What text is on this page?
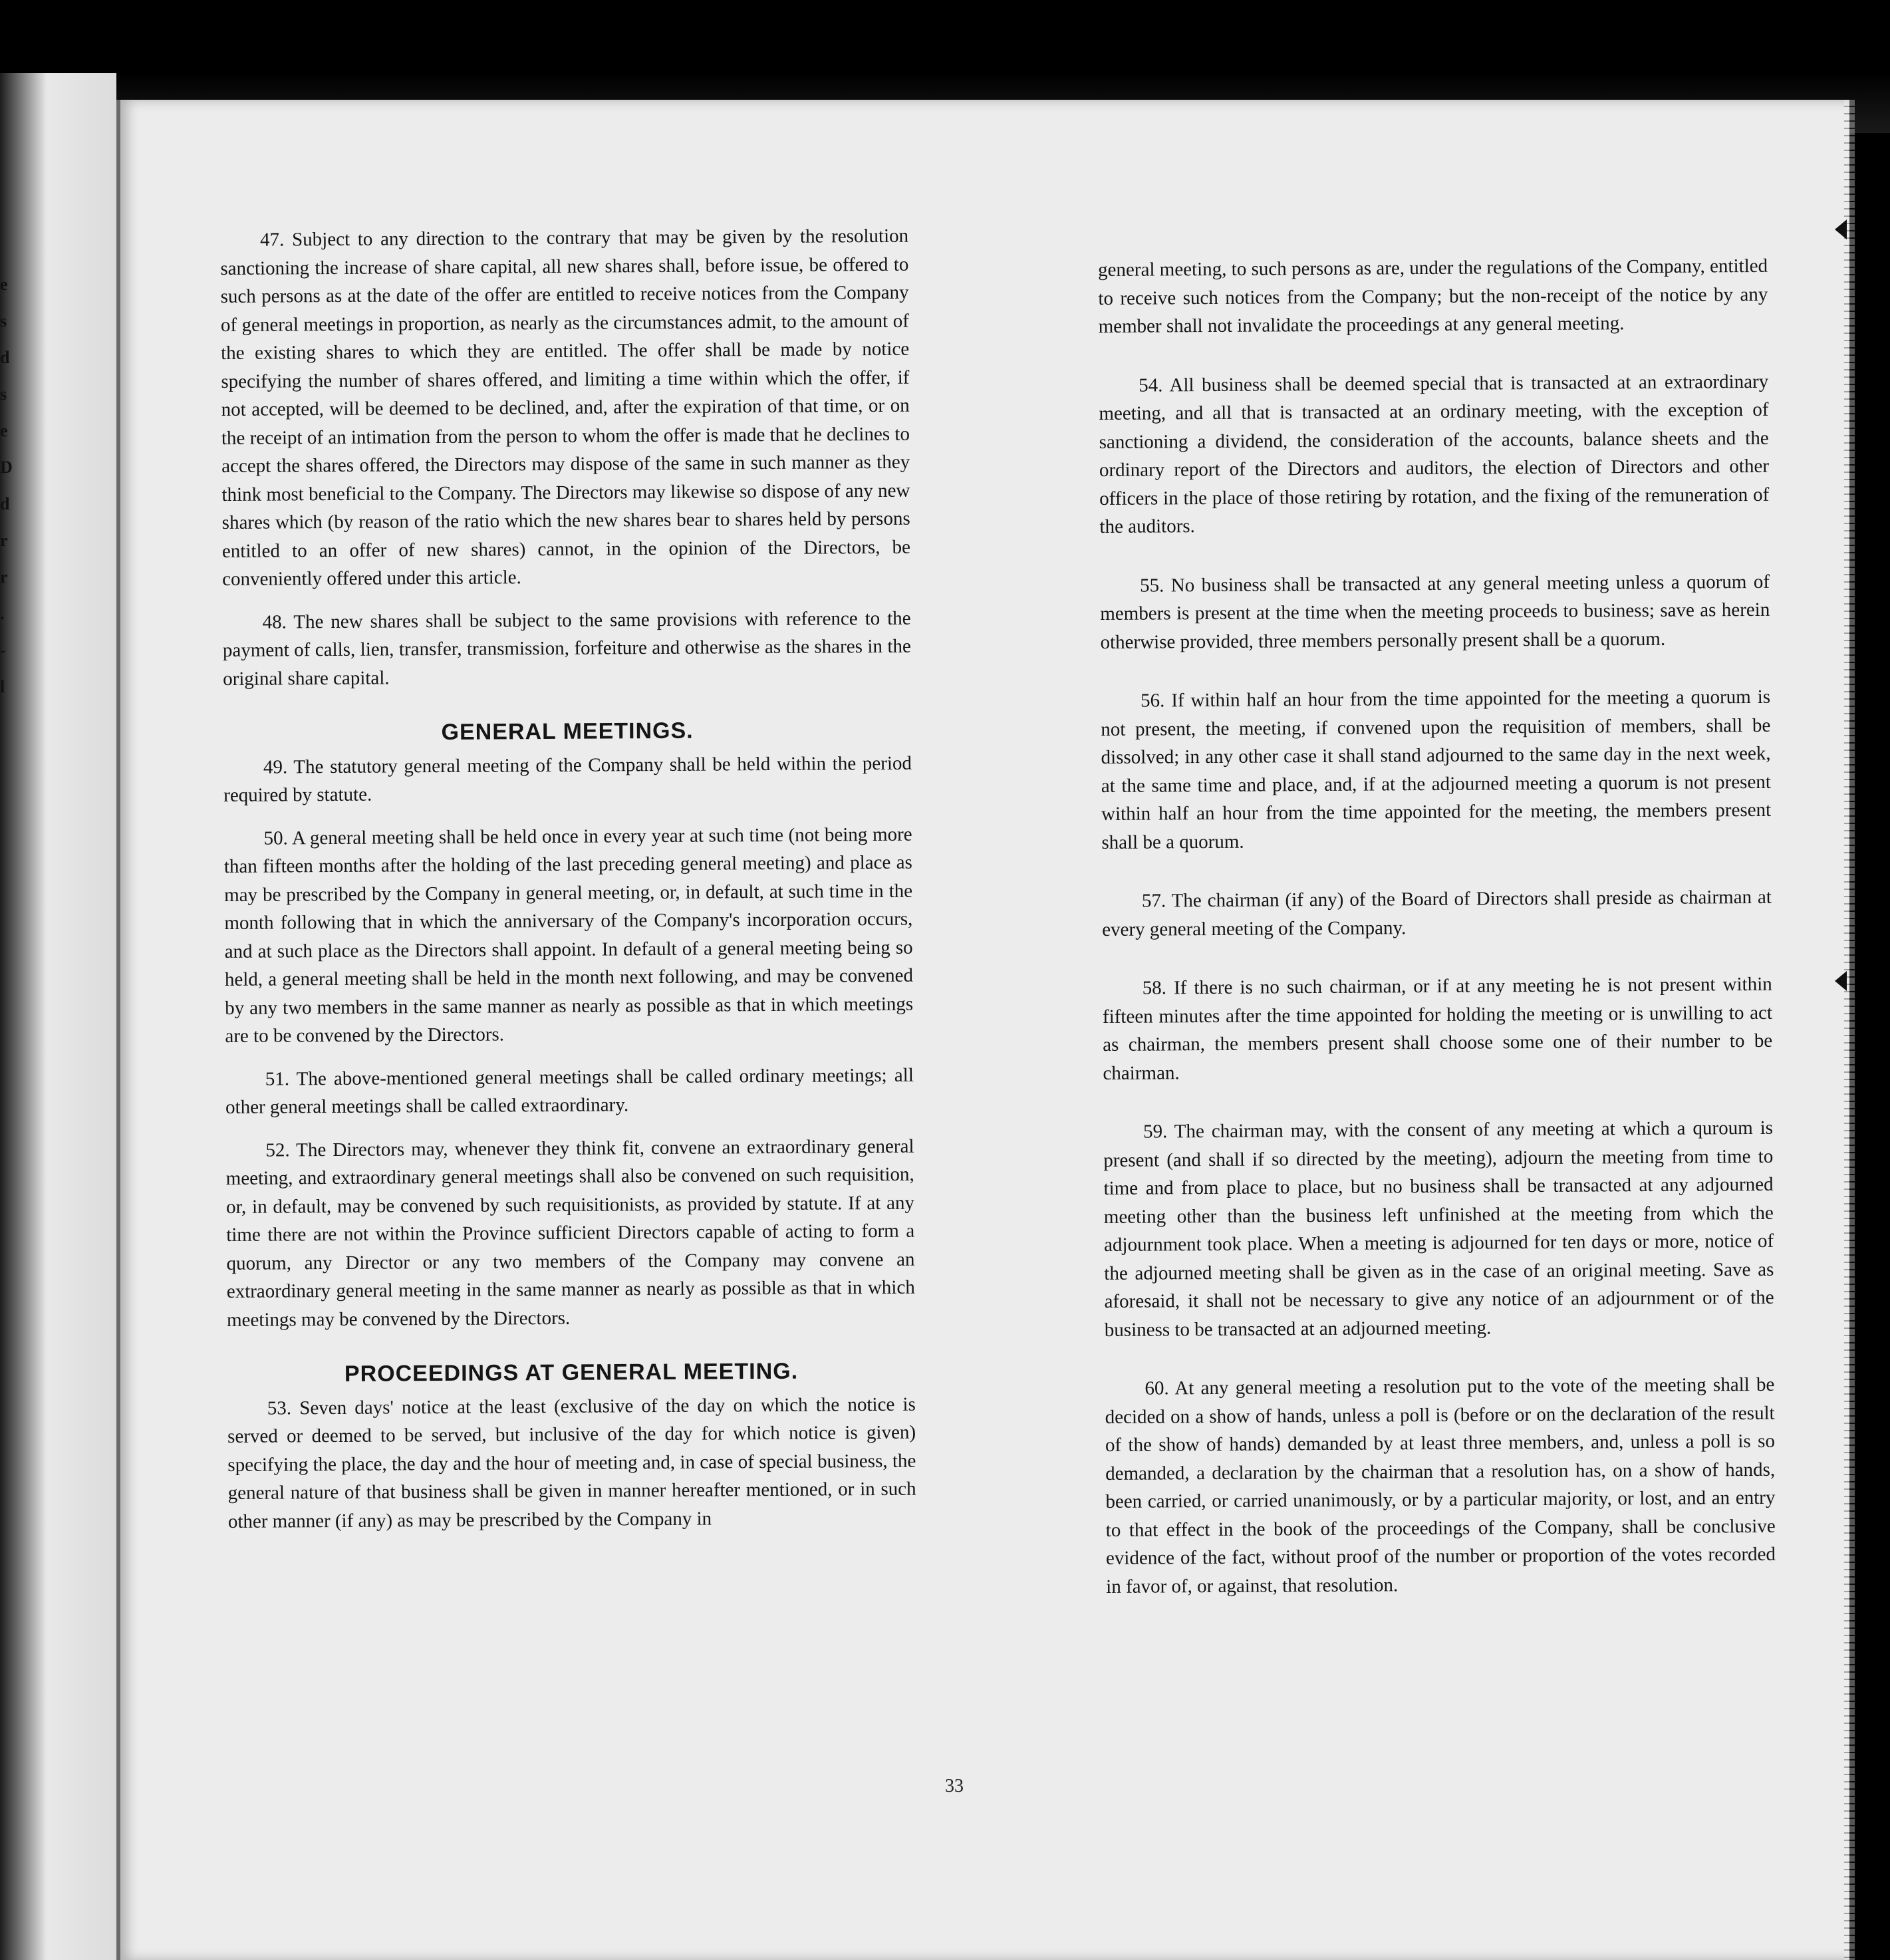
e
s
d
s
e
D
d
r
r
.
-
l

47. Subject to any direction to the contrary that may be given by the resolution sanctioning the increase of share capital, all new shares shall, before issue, be offered to such persons as at the date of the offer are entitled to receive notices from the Company of general meetings in proportion, as nearly as the circumstances admit, to the amount of the existing shares to which they are entitled. The offer shall be made by notice specifying the number of shares offered, and limiting a time within which the offer, if not accepted, will be deemed to be declined, and, after the expiration of that time, or on the receipt of an intimation from the person to whom the offer is made that he declines to accept the shares offered, the Directors may dispose of the same in such manner as they think most beneficial to the Company. The Directors may likewise so dispose of any new shares which (by reason of the ratio which the new shares bear to shares held by persons entitled to an offer of new shares) cannot, in the opinion of the Directors, be conveniently offered under this article.

48. The new shares shall be subject to the same provisions with reference to the payment of calls, lien, transfer, transmission, forfeiture and otherwise as the shares in the original share capital.

GENERAL MEETINGS.

49. The statutory general meeting of the Company shall be held within the period required by statute.

50. A general meeting shall be held once in every year at such time (not being more than fifteen months after the holding of the last preceding general meeting) and place as may be prescribed by the Company in general meeting, or, in default, at such time in the month following that in which the anniversary of the Company's incorporation occurs, and at such place as the Directors shall appoint. In default of a general meeting being so held, a general meeting shall be held in the month next following, and may be convened by any two members in the same manner as nearly as possible as that in which meetings are to be convened by the Directors.

51. The above-mentioned general meetings shall be called ordinary meetings; all other general meetings shall be called extraordinary.

52. The Directors may, whenever they think fit, convene an extraordinary general meeting, and extraordinary general meetings shall also be convened on such requisition, or, in default, may be convened by such requisitionists, as provided by statute. If at any time there are not within the Province sufficient Directors capable of acting to form a quorum, any Director or any two members of the Company may convene an extraordinary general meeting in the same manner as nearly as possible as that in which meetings may be convened by the Directors.

PROCEEDINGS AT GENERAL MEETING.

53. Seven days' notice at the least (exclusive of the day on which the notice is served or deemed to be served, but inclusive of the day for which notice is given) specifying the place, the day and the hour of meeting and, in case of special business, the general nature of that business shall be given in manner hereafter mentioned, or in such other manner (if any) as may be prescribed by the Company in

general meeting, to such persons as are, under the regulations of the Company, entitled to receive such notices from the Company; but the non-receipt of the notice by any member shall not invalidate the proceedings at any general meeting.

54. All business shall be deemed special that is transacted at an extraordinary meeting, and all that is transacted at an ordinary meeting, with the exception of sanctioning a dividend, the consideration of the accounts, balance sheets and the ordinary report of the Directors and auditors, the election of Directors and other officers in the place of those retiring by rotation, and the fixing of the remuneration of the auditors.

55. No business shall be transacted at any general meeting unless a quorum of members is present at the time when the meeting proceeds to business; save as herein otherwise provided, three members personally present shall be a quorum.

56. If within half an hour from the time appointed for the meeting a quorum is not present, the meeting, if convened upon the requisition of members, shall be dissolved; in any other case it shall stand adjourned to the same day in the next week, at the same time and place, and, if at the adjourned meeting a quorum is not present within half an hour from the time appointed for the meeting, the members present shall be a quorum.

57. The chairman (if any) of the Board of Directors shall preside as chairman at every general meeting of the Company.

58. If there is no such chairman, or if at any meeting he is not present within fifteen minutes after the time appointed for holding the meeting or is unwilling to act as chairman, the members present shall choose some one of their number to be chairman.

59. The chairman may, with the consent of any meeting at which a quroum is present (and shall if so directed by the meeting), adjourn the meeting from time to time and from place to place, but no business shall be transacted at any adjourned meeting other than the business left unfinished at the meeting from which the adjournment took place. When a meeting is adjourned for ten days or more, notice of the adjourned meeting shall be given as in the case of an original meeting. Save as aforesaid, it shall not be necessary to give any notice of an adjournment or of the business to be transacted at an adjourned meeting.

60. At any general meeting a resolution put to the vote of the meeting shall be decided on a show of hands, unless a poll is (before or on the declaration of the result of the show of hands) demanded by at least three members, and, unless a poll is so demanded, a declaration by the chairman that a resolution has, on a show of hands, been carried, or carried unanimously, or by a particular majority, or lost, and an entry to that effect in the book of the proceedings of the Company, shall be conclusive evidence of the fact, without proof of the number or proportion of the votes recorded in favor of, or against, that resolution.

33
